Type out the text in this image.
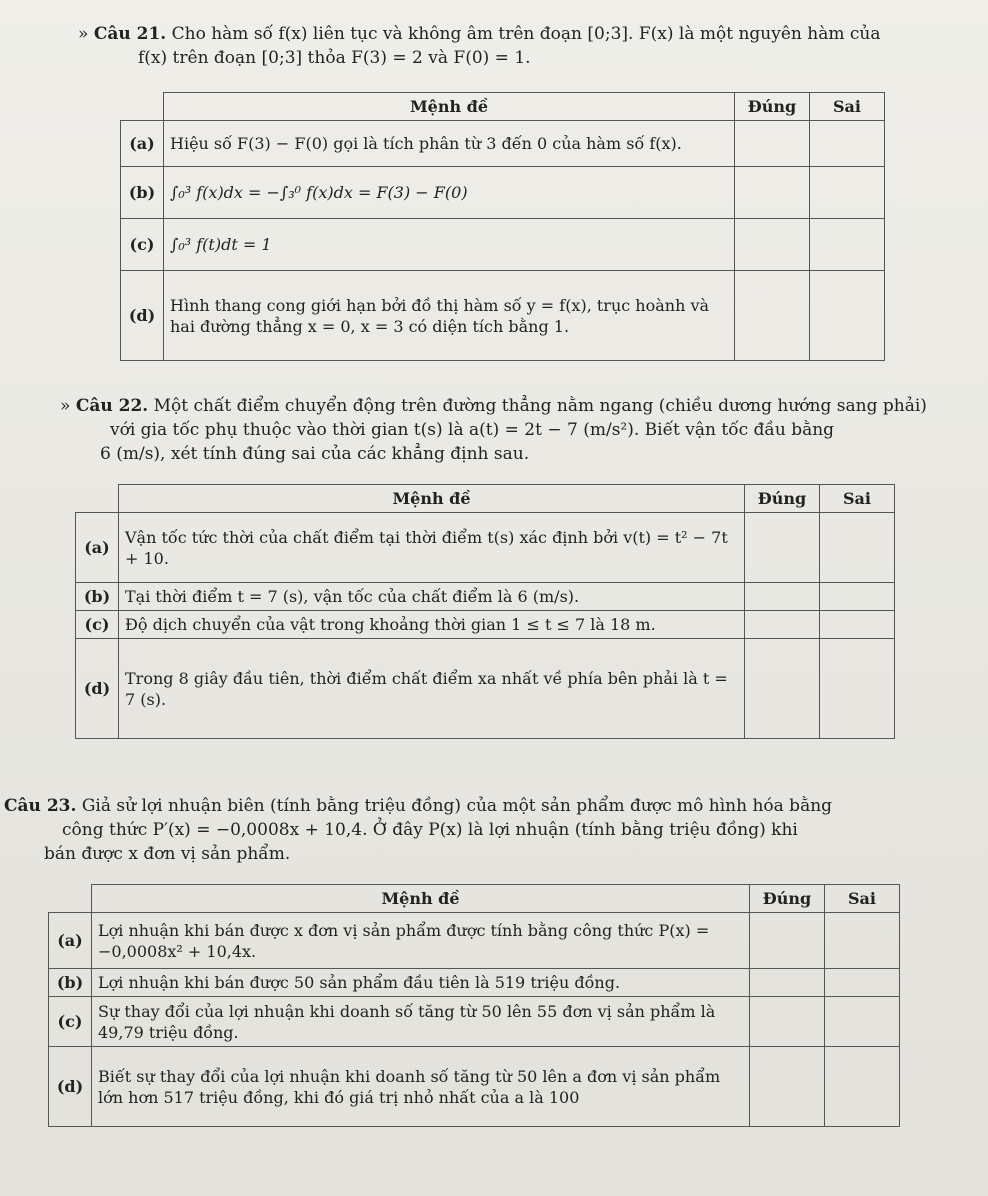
» Câu 21. Cho hàm số f(x) liên tục và không âm trên đoạn [0;3]. F(x) là một nguyên hàm của
f(x) trên đoạn [0;3] thỏa F(3) = 2 và F(0) = 1.
	Mệnh đề	Đúng	Sai
(a)	Hiệu số F(3) − F(0) gọi là tích phân từ 3 đến 0 của hàm số f(x).		
(b)	∫₀³ f(x)dx = −∫₃⁰ f(x)dx = F(3) − F(0)		
(c)	∫₀³ f(t)dt = 1		
(d)	Hình thang cong giới hạn bởi đồ thị hàm số y = f(x), trục hoành và hai đường thẳng x = 0, x = 3 có diện tích bằng 1.		
» Câu 22. Một chất điểm chuyển động trên đường thẳng nằm ngang (chiều dương hướng sang phải)
với gia tốc phụ thuộc vào thời gian t(s) là a(t) = 2t − 7 (m/s²). Biết vận tốc đầu bằng
6 (m/s), xét tính đúng sai của các khẳng định sau.
	Mệnh đề	Đúng	Sai
(a)	Vận tốc tức thời của chất điểm tại thời điểm t(s) xác định bởi v(t) = t² − 7t + 10.		
(b)	Tại thời điểm t = 7 (s), vận tốc của chất điểm là 6 (m/s).		
(c)	Độ dịch chuyển của vật trong khoảng thời gian 1 ≤ t ≤ 7 là 18 m.		
(d)	Trong 8 giây đầu tiên, thời điểm chất điểm xa nhất về phía bên phải là t = 7 (s).		
Câu 23. Giả sử lợi nhuận biên (tính bằng triệu đồng) của một sản phẩm được mô hình hóa bằng
công thức P′(x) = −0,0008x + 10,4. Ở đây P(x) là lợi nhuận (tính bằng triệu đồng) khi
bán được x đơn vị sản phẩm.
	Mệnh đề	Đúng	Sai
(a)	Lợi nhuận khi bán được x đơn vị sản phẩm được tính bằng công thức P(x) = −0,0008x² + 10,4x.		
(b)	Lợi nhuận khi bán được 50 sản phẩm đầu tiên là 519 triệu đồng.		
(c)	Sự thay đổi của lợi nhuận khi doanh số tăng từ 50 lên 55 đơn vị sản phẩm là 49,79 triệu đồng.		
(d)	Biết sự thay đổi của lợi nhuận khi doanh số tăng từ 50 lên a đơn vị sản phẩm lớn hơn 517 triệu đồng, khi đó giá trị nhỏ nhất của a là 100		
